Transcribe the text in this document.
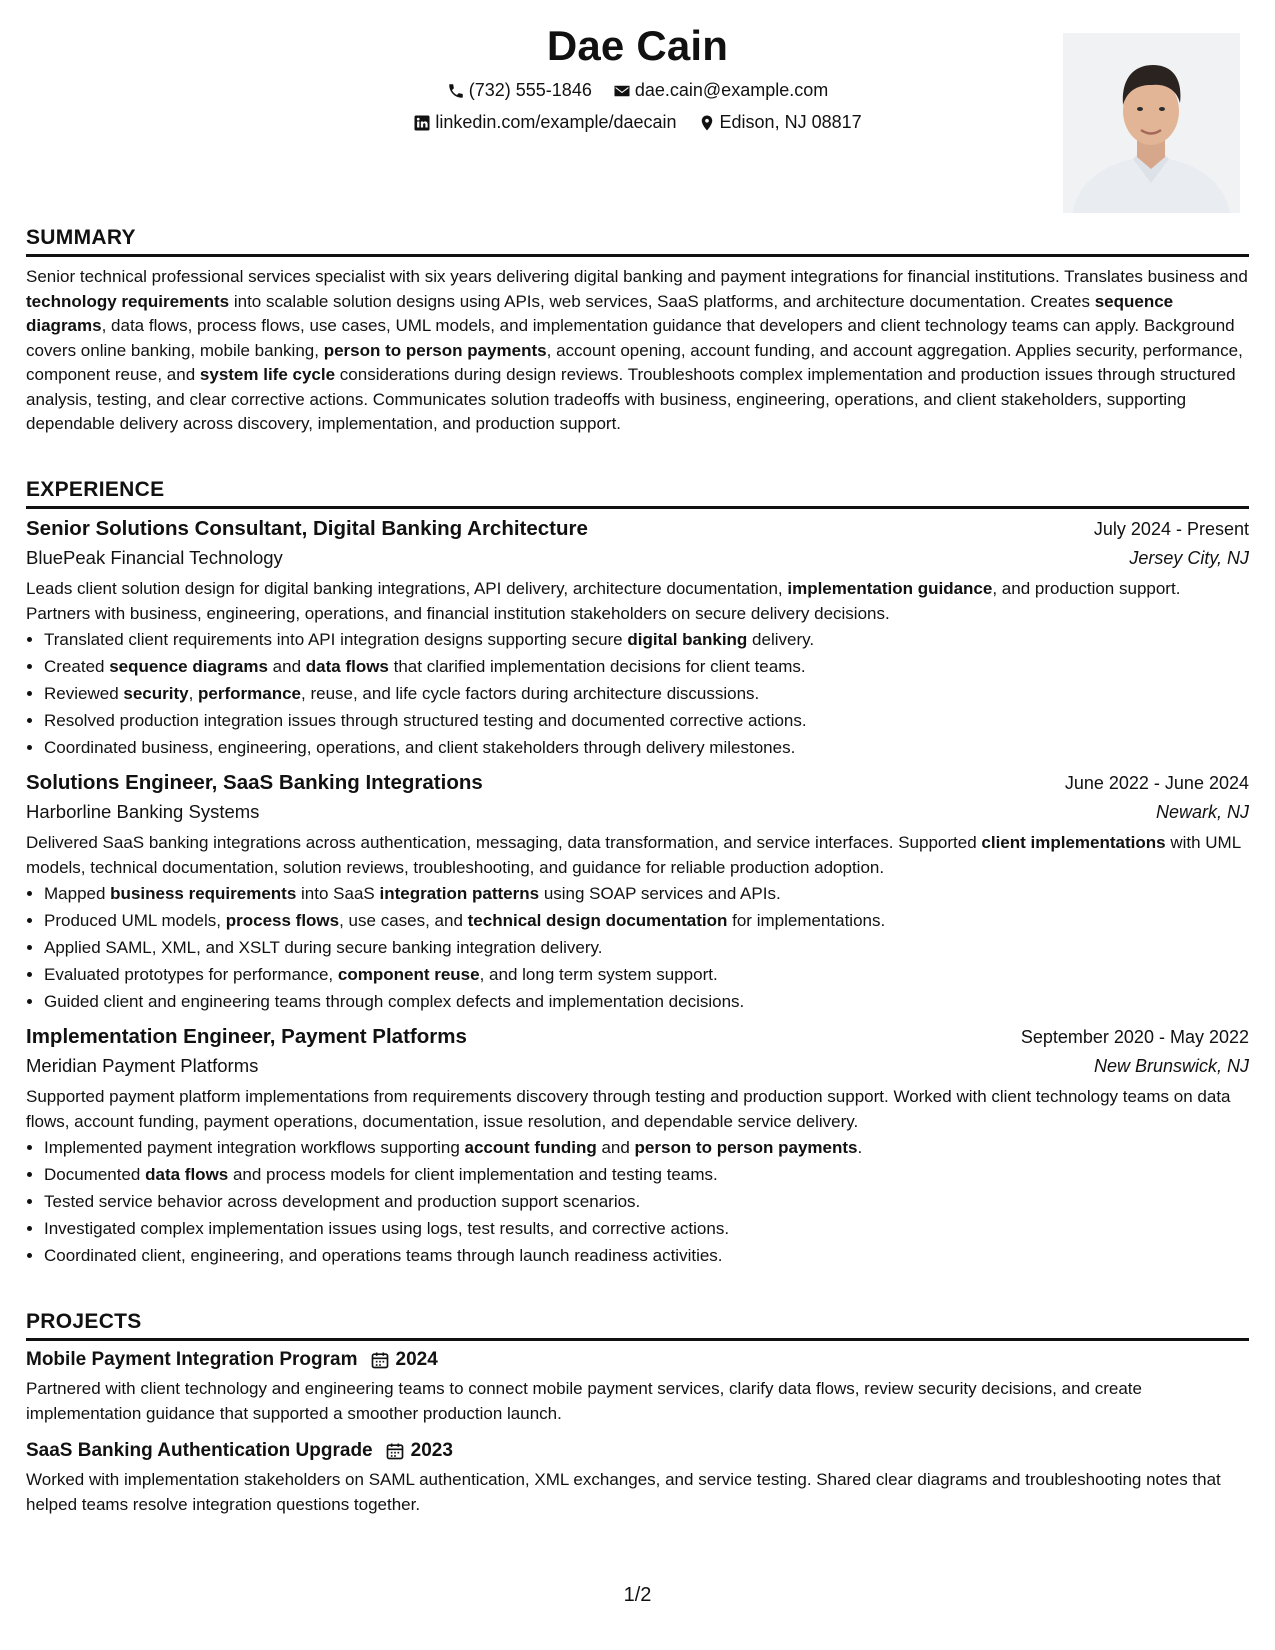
Dae Cain
(732) 555-1846
dae.cain@example.com
linkedin.com/example/daecain
Edison, NJ 08817
SUMMARY

Senior technical professional services specialist with six years delivering digital banking and payment integrations for financial institutions. Translates business and technology requirements into scalable solution designs using APIs, web services, SaaS platforms, and architecture documentation. Creates sequence diagrams, data flows, process flows, use cases, UML models, and implementation guidance that developers and client technology teams can apply. Background covers online banking, mobile banking, person to person payments, account opening, account funding, and account aggregation. Applies security, performance, component reuse, and system life cycle considerations during design reviews. Troubleshoots complex implementation and production issues through structured analysis, testing, and clear corrective actions. Communicates solution tradeoffs with business, engineering, operations, and client stakeholders, supporting dependable delivery across discovery, implementation, and production support.

EXPERIENCE
Senior Solutions Consultant, Digital Banking Architecture	July 2024 - Present
BluePeak Financial Technology	Jersey City, NJ

Leads client solution design for digital banking integrations, API delivery, architecture documentation, implementation guidance, and production support. Partners with business, engineering, operations, and financial institution stakeholders on secure delivery decisions.

• Translated client requirements into API integration designs supporting secure digital banking delivery.
• Created sequence diagrams and data flows that clarified implementation decisions for client teams.
• Reviewed security, performance, reuse, and life cycle factors during architecture discussions.
• Resolved production integration issues through structured testing and documented corrective actions.
• Coordinated business, engineering, operations, and client stakeholders through delivery milestones.
Solutions Engineer, SaaS Banking Integrations	June 2022 - June 2024
Harborline Banking Systems	Newark, NJ

Delivered SaaS banking integrations across authentication, messaging, data transformation, and service interfaces. Supported client implementations with UML models, technical documentation, solution reviews, troubleshooting, and guidance for reliable production adoption.

• Mapped business requirements into SaaS integration patterns using SOAP services and APIs.
• Produced UML models, process flows, use cases, and technical design documentation for implementations.
• Applied SAML, XML, and XSLT during secure banking integration delivery.
• Evaluated prototypes for performance, component reuse, and long term system support.
• Guided client and engineering teams through complex defects and implementation decisions.
Implementation Engineer, Payment Platforms	September 2020 - May 2022
Meridian Payment Platforms	New Brunswick, NJ

Supported payment platform implementations from requirements discovery through testing and production support. Worked with client technology teams on data flows, account funding, payment operations, documentation, issue resolution, and dependable service delivery.

• Implemented payment integration workflows supporting account funding and person to person payments.
• Documented data flows and process models for client implementation and testing teams.
• Tested service behavior across development and production support scenarios.
• Investigated complex implementation issues using logs, test results, and corrective actions.
• Coordinated client, engineering, and operations teams through launch readiness activities.
PROJECTS
Mobile Payment Integration Program 2024

Partnered with client technology and engineering teams to connect mobile payment services, clarify data flows, review security decisions, and create implementation guidance that supported a smoother production launch.

SaaS Banking Authentication Upgrade 2023

Worked with implementation stakeholders on SAML authentication, XML exchanges, and service testing. Shared clear diagrams and troubleshooting notes that helped teams resolve integration questions together.

1/2
